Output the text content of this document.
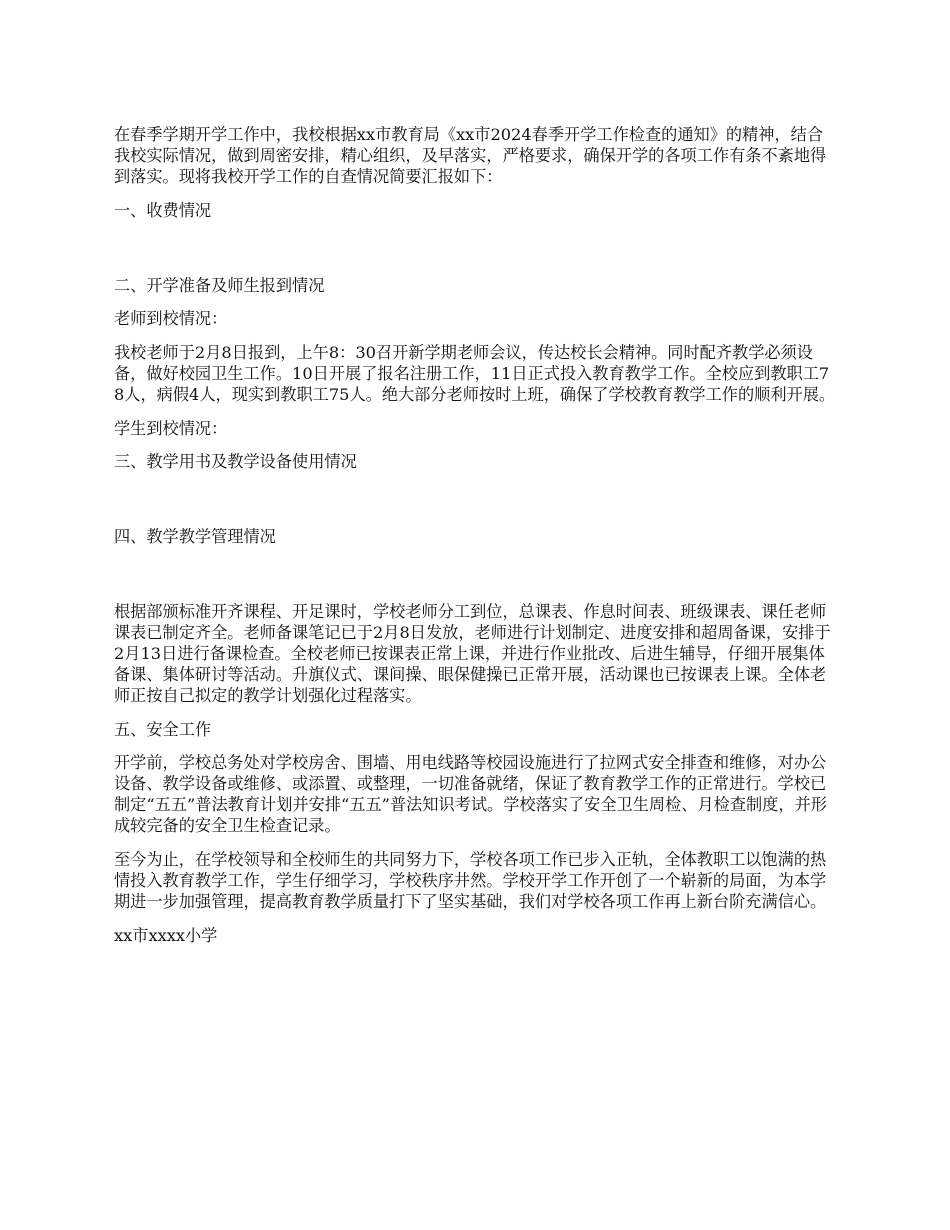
在春季学期开学工作中，我校根据xx市教育局《xx市2024春季开学工作检查的通知》的精神，结合我校实际情况，做到周密安排，精心组织，及早落实，严格要求，确保开学的各项工作有条不紊地得到落实。现将我校开学工作的自查情况简要汇报如下：

一、收费情况

二、开学准备及师生报到情况

老师到校情况：

我校老师于2月8日报到，上午8：30召开新学期老师会议，传达校长会精神。同时配齐教学必须设备，做好校园卫生工作。10日开展了报名注册工作，11日正式投入教育教学工作。全校应到教职工78人，病假4人，现实到教职工75人。绝大部分老师按时上班，确保了学校教育教学工作的顺利开展。

学生到校情况：

三、教学用书及教学设备使用情况

四、教学教学管理情况

根据部颁标准开齐课程、开足课时，学校老师分工到位，总课表、作息时间表、班级课表、课任老师课表已制定齐全。老师备课笔记已于2月8日发放，老师进行计划制定、进度安排和超周备课，安排于2月13日进行备课检查。全校老师已按课表正常上课，并进行作业批改、后进生辅导，仔细开展集体备课、集体研讨等活动。升旗仪式、课间操、眼保健操已正常开展，活动课也已按课表上课。全体老师正按自己拟定的教学计划强化过程落实。

五、安全工作

开学前，学校总务处对学校房舍、围墙、用电线路等校园设施进行了拉网式安全排查和维修，对办公设备、教学设备或维修、或添置、或整理，一切准备就绪，保证了教育教学工作的正常进行。学校已制定“五五”普法教育计划并安排“五五”普法知识考试。学校落实了安全卫生周检、月检查制度，并形成较完备的安全卫生检查记录。

至今为止，在学校领导和全校师生的共同努力下，学校各项工作已步入正轨，全体教职工以饱满的热情投入教育教学工作，学生仔细学习，学校秩序井然。学校开学工作开创了一个崭新的局面，为本学期进一步加强管理，提高教育教学质量打下了坚实基础，我们对学校各项工作再上新台阶充满信心。

xx市xxxx小学
